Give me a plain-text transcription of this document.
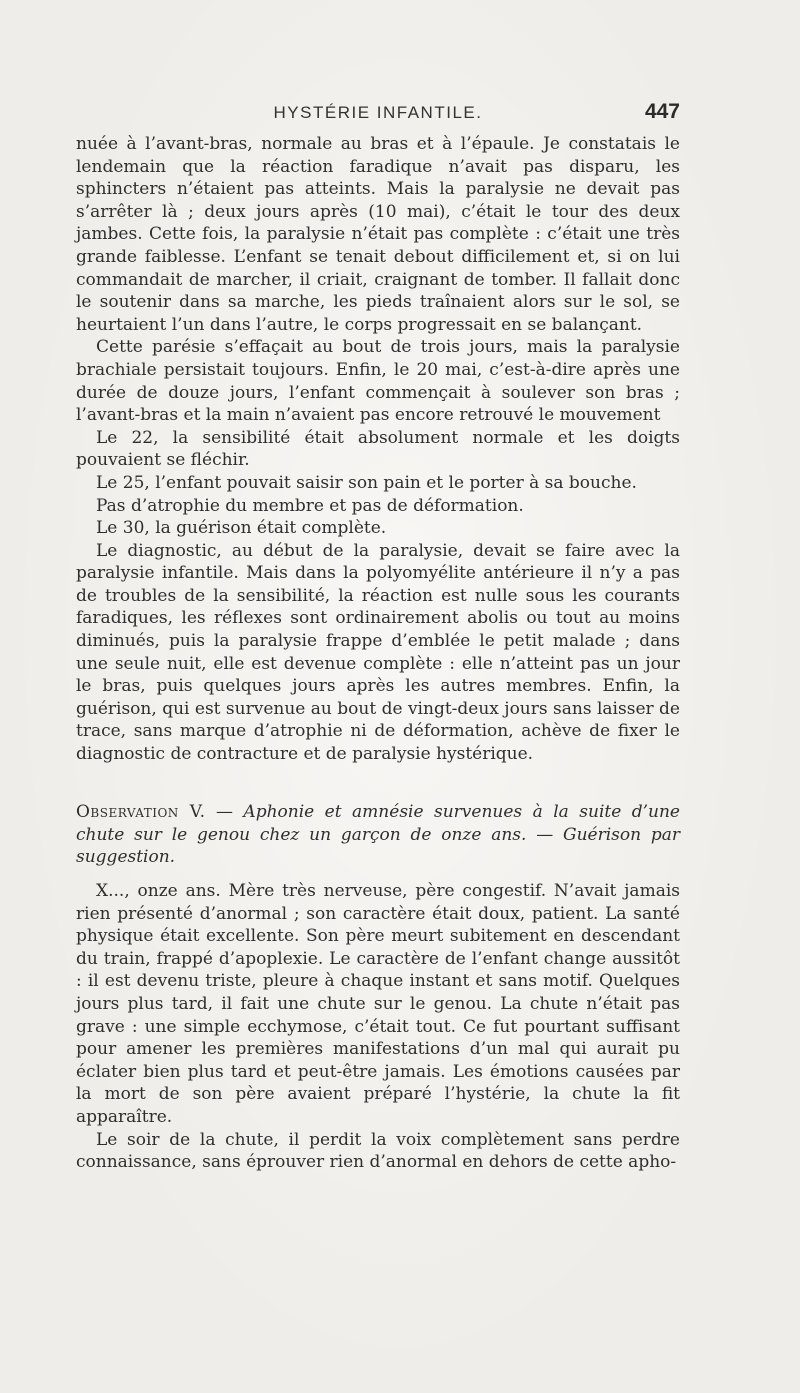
HYSTÉRIE INFANTILE.	447

nuée à l’avant-bras, normale au bras et à l’épaule. Je constatais le lendemain que la réaction faradique n’avait pas disparu, les sphincters n’étaient pas atteints. Mais la paralysie ne devait pas s’arrêter là ; deux jours après (10 mai), c’était le tour des deux jambes. Cette fois, la paralysie n’était pas complète : c’était une très grande faiblesse. L’enfant se tenait debout difficilement et, si on lui commandait de marcher, il criait, craignant de tomber. Il fallait donc le soutenir dans sa marche, les pieds traînaient alors sur le sol, se heurtaient l’un dans l’autre, le corps progressait en se balançant.

Cette parésie s’effaçait au bout de trois jours, mais la paralysie brachiale persistait toujours. Enfin, le 20 mai, c’est-à-dire après une durée de douze jours, l’enfant commençait à soulever son bras ; l’avant-bras et la main n’avaient pas encore retrouvé le mouvement

Le 22, la sensibilité était absolument normale et les doigts pouvaient se fléchir.

Le 25, l’enfant pouvait saisir son pain et le porter à sa bouche.

Pas d’atrophie du membre et pas de déformation.

Le 30, la guérison était complète.

Le diagnostic, au début de la paralysie, devait se faire avec la paralysie infantile. Mais dans la polyomyélite antérieure il n’y a pas de troubles de la sensibilité, la réaction est nulle sous les courants faradiques, les réflexes sont ordinairement abolis ou tout au moins diminués, puis la paralysie frappe d’emblée le petit malade ; dans une seule nuit, elle est devenue complète : elle n’atteint pas un jour le bras, puis quelques jours après les autres membres. Enfin, la guérison, qui est survenue au bout de vingt-deux jours sans laisser de trace, sans marque d’atrophie ni de déformation, achève de fixer le diagnostic de contracture et de paralysie hystérique.

Observation V. — Aphonie et amnésie survenues à la suite d’une chute sur le genou chez un garçon de onze ans. — Guérison par suggestion.

X..., onze ans. Mère très nerveuse, père congestif. N’avait jamais rien présenté d’anormal ; son caractère était doux, patient. La santé physique était excellente. Son père meurt subitement en descendant du train, frappé d’apoplexie. Le caractère de l’enfant change aussitôt : il est devenu triste, pleure à chaque instant et sans motif. Quelques jours plus tard, il fait une chute sur le genou. La chute n’était pas grave : une simple ecchymose, c’était tout. Ce fut pourtant suffisant pour amener les premières manifestations d’un mal qui aurait pu éclater bien plus tard et peut-être jamais. Les émotions causées par la mort de son père avaient préparé l’hystérie, la chute la fit apparaître.

Le soir de la chute, il perdit la voix complètement sans perdre connaissance, sans éprouver rien d’anormal en dehors de cette apho-
